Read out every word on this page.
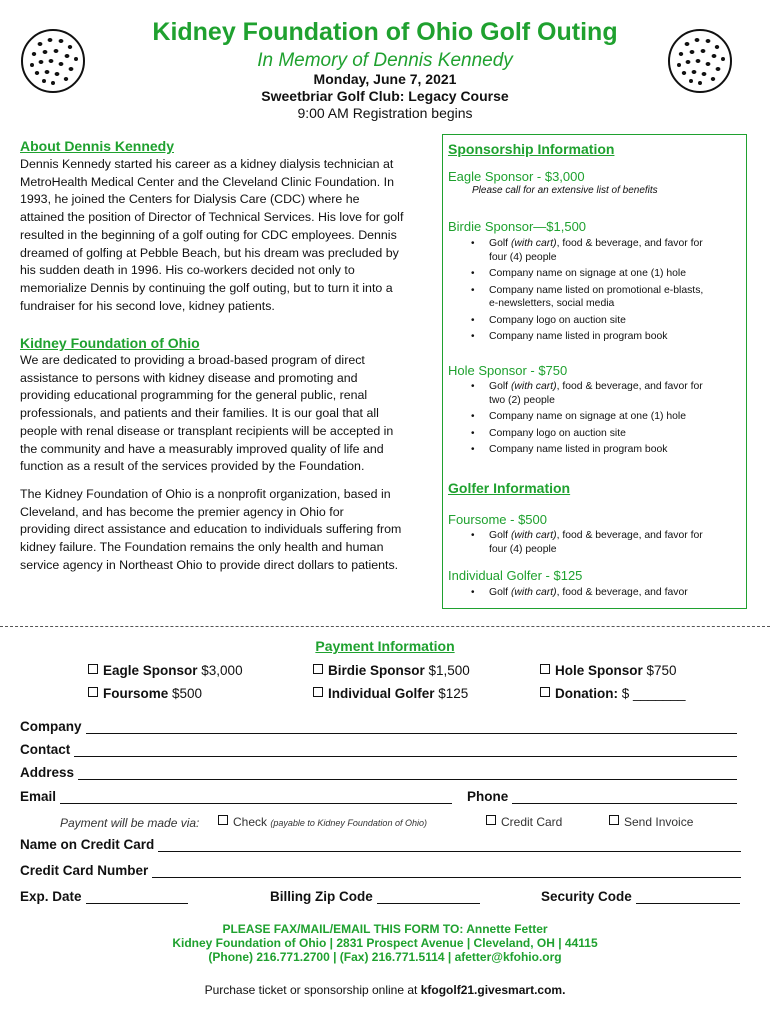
Kidney Foundation of Ohio Golf Outing
In Memory of Dennis Kennedy
Monday, June 7, 2021
Sweetbriar Golf Club: Legacy Course
9:00 AM Registration begins
About Dennis Kennedy
Dennis Kennedy started his career as a kidney dialysis technician at
MetroHealth Medical Center and the Cleveland Clinic Foundation. In
1993, he joined the Centers for Dialysis Care (CDC) where he
attained the position of Director of Technical Services. His love for golf
resulted in the beginning of a golf outing for CDC employees. Dennis
dreamed of golfing at Pebble Beach, but his dream was precluded by
his sudden death in 1996. His co-workers decided not only to
memorialize Dennis by continuing the golf outing, but to turn it into a
fundraiser for his second love, kidney patients.
Kidney Foundation of Ohio
We are dedicated to providing a broad-based program of direct
assistance to persons with kidney disease and promoting and
providing educational programming for the general public, renal
professionals, and patients and their families. It is our goal that all
people with renal disease or transplant recipients will be accepted in
the community and have a measurably improved quality of life and
function as a result of the services provided by the Foundation.
The Kidney Foundation of Ohio is a nonprofit organization, based in
Cleveland, and has become the premier agency in Ohio for
providing direct assistance and education to individuals suffering from
kidney failure. The Foundation remains the only health and human
service agency in Northeast Ohio to provide direct dollars to patients.
Sponsorship Information
Eagle Sponsor - $3,000
Please call for an extensive list of benefits
Birdie Sponsor—$1,500
• Golf (with cart), food & beverage, and favor for
four (4) people
• Company name on signage at one (1) hole
• Company name listed on promotional e-blasts,
e-newsletters, social media
• Company logo on auction site
• Company name listed in program book
Hole Sponsor - $750
• Golf (with cart), food & beverage, and favor for
two (2) people
• Company name on signage at one (1) hole
• Company logo on auction site
• Company name listed in program book
Golfer Information
Foursome - $500
• Golf (with cart), food & beverage, and favor for
four (4) people
Individual Golfer - $125
• Golf (with cart), food & beverage, and favor
Payment Information
Eagle Sponsor $3,000	Birdie Sponsor $1,500	Hole Sponsor $750
Foursome $500	Individual Golfer $125	Donation: $ _______
Company
Contact
Address
Email	Phone
Payment will be made via:	Check (payable to Kidney Foundation of Ohio)	Credit Card	Send Invoice
Name on Credit Card
Credit Card Number
Exp. Date	Billing Zip Code	Security Code
PLEASE FAX/MAIL/EMAIL THIS FORM TO: Annette Fetter
Kidney Foundation of Ohio | 2831 Prospect Avenue | Cleveland, OH | 44115
(Phone) 216.771.2700 | (Fax) 216.771.5114 | afetter@kfohio.org
Purchase ticket or sponsorship online at kfogolf21.givesmart.com.
